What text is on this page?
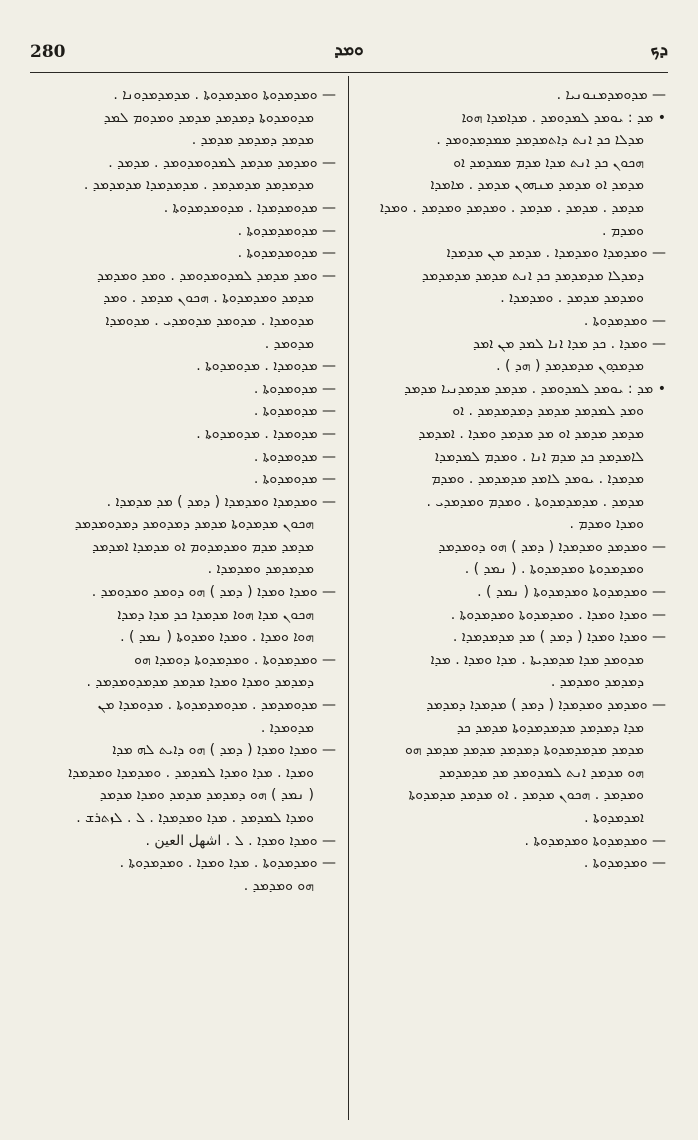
280	ܘܡܕ	ܕܟ
— ܡܕܘܡܕܡܢܘܢܝܐ .
• ܡܕ : ܝܘܡܕ ܠܡܕܘܡܕ . ܡܕܐܡܕܐ ܗܘܐ
ܡܕܠܐ ܟܕ ܐܢܬ ܕܐܬܡܕܡܕ ܡܡܕܡܕܘܡܕ .
ܗܟܘܢ ܟܕ ܐܢܬ ܡܕܐ ܡܕܡ ܡܡܕܡܕ ܐܘ
ܡܕܡܕ ܐܘ ܡܕܡܕ ܡܢܗܘܢ ܡܕܡܕ . ܡܐܡܕܐ
ܡܕܡܕ . ܡܕܡܕ . ܡܕܡܕ . ܘܡܕܡܕ ܘܡܕܡܕ . ܘܡܕܐ
ܘܡܕܡ .
— ܘܡܕܡܕܐ ܘܡܕܡܕܐ . ܡܕܡܕ ܡܢ ܡܕܡܕܐ
ܕܡܕܠܐ ܡܕܡܕܡܕ ܟܕ ܐܢܬ ܡܕܡܕ ܡܕܡܕܡܕ
ܘܡܕܡܕ ܡܕܡܕ . ܘܡܕܡܕܐ .
— ܘܡܕܡܕܘܬܐ .
— ܘܡܕܐ . ܟܕ ܡܕܐ ܐܢܐ ܠܡܕ ܡܢ ܐܡܕ
ܡܕܡܕܘܢ ܡܕܡܕܡܕ ( ܗܕ ) .
• ܡܕ : ܝܘܡܕ ܠܡܕܘܡܕ . ܡܕܡܕ ܡܕܡܕܢܝܐ ܡܕܡܕ
ܘܡܕ ܠܡܕܡܕ ܡܕܡܕ ܕܡܕܡܕܡܕ . ܐܘ
ܡܕܡܕ ܡܕܡܕ ܐܘ ܡܕ ܡܕܡܕ ܘܡܕܐ . ܐܡܕܡܕ
ܠܐܡܕܡܕ ܟܕ ܡܕܡ ܐܢܐ . ܘܡܕܡ ܠܡܕܡܕܐ
ܡܕܡܕܐ . ܝܘܡܕ ܠܐܡܕ ܡܕܡܕܡܕ . ܘܡܕܡ
ܡܕܡܕ . ܡܕܡܕܡܕܘܬܐ . ܘܡܕܡ ܘܡܕܡܕܝ .
ܘܡܕܐ ܘܡܕܡ .
— ܘܡܕܡܕ ܘܡܕܡܕܐ ( ܕܡܕ ) ܗܘ ܕܘܡܕܡܕ
ܘܡܕܡܕܘܬܐ ܘܡܕܡܕܘܬܐ . ( ܢܡܕ ) .
— ܘܡܕܡܕܘܬܐ ܘܡܕܡܕܘܬܐ ( ܢܡܕ ) .
— ܘܡܕܐ ܘܡܕܐ . ܘܡܕܡܕܘܬܐ ܘܡܕܡܕܘܬܐ .
— ܘܡܕܐ ܘܡܕܐ ( ܕܡܕ ) ܡܕ ܡܕܡܕܡܕܐ .
ܡܕܘܡܕ ܡܕܐ ܡܕܡܕܝܬܐ . ܡܕܐ ܘܡܕܐ . ܡܕܐ
ܕܡܕܡܕ ܘܡܕܡܕ .
— ܘܡܕܡܕ ܘܡܕܡܕܐ ( ܕܡܕ ) ܡܕܡܕܐ ܕܡܕܡܕ
ܡܕܐ ܕܡܕܡܕ ܡܕܡܕܡܕܘܬܐ ܡܕܡܕ ܟܕ
ܡܕܡܕ ܡܕܡܕܡܕܘܬܐ ܕܡܕܡܕ ܡܕܡܕ ܡܕܡܕ ܗܘ
ܗܘ ܡܕܡܕ ܐܢܬ ܠܡܕܘܡܕ ܡܕ ܡܕܡܕܡܕ
ܘܡܕܡܕ . ܗܟܘܢ ܡܕܡܕ . ܐܘ ܡܕܡܕ ܡܕܡܕܘܬܐ
ܐܡܕܡܕܘܬܐ .
— ܘܡܕܡܕܘܬܐ ܘܡܕܡܕܘܬܐ .
— ܘܡܕܡܕܘܬܐ .
— ܘܡܕܡܕܘܬܐ ܘܡܕܡܕܘܬܐ . ܡܕܡܕܡܕܘܢܐ .
ܡܕܘܡܕܘܬܐ ܕܡܕܡܕ ܡܕܡܕ ܘܡܕܘܡ ܠܡܕ
ܡܕܡܕ ܕܡܕܡܕ ܡܕܡܕ .
— ܘܡܕܡܕ ܡܕܡܕ ܠܡܕܘܡܕܘܡܕ . ܡܕܡܕ .
ܡܕܡܕܡܕ ܡܕܡܕܡܕ . ܡܕܡܕܡܕܐ ܡܕܡܕܡܕ .
— ܡܕܘܡܕܡܕܐ . ܡܕܘܡܕܡܕܘܬܐ .
— ܡܕܘܡܕܡܕܘܬܐ .
— ܡܕܘܡܕܡܕܘܬܐ .
— ܘܡܕ ܡܕܡܕ ܠܡܕܘܡܕܘܡܕ . ܘܡܕ ܘܡܕܡܕ
ܡܕܡܕ ܘܡܕܡܕܘܬܐ . ܗܟܘܢ ܡܕܡܕ . ܘܡܕ
ܡܕܘܡܕܐ . ܡܕܘܡܕ ܡܕܘܡܕܝ . ܡܕܘܡܕܐ
ܡܕܘܡܕ .
— ܡܕܘܡܕܐ . ܡܕܘܡܕܘܬܐ .
— ܡܕܘܡܕܘܬܐ .
— ܡܕܘܡܕܘܬܐ .
— ܡܕܘܡܕܐ . ܡܕܘܡܕܘܬܐ .
— ܡܕܘܡܕܘܬܐ .
— ܡܕܘܡܕܘܬܐ .
— ܘܡܕܡܕܐ ܘܡܕܡܕܐ ( ܕܡܕ ) ܡܕ ܡܕܡܕܐ .
ܗܟܘܢ ܡܕܡܕܘܬܐ ܡܕܡܕ ܕܡܕܘܡܕ ܕܡܕܘܡܕܡܕ
ܡܕܡܕ ܡܕܡ ܘܡܕܡܕܘܡ ܐܘ ܡܕܡܕܐ ܐܡܕܡܕ
ܡܕܡܕܡܕ ܘܡܕܡܕܐ .
— ܘܡܕܐ ܘܡܕܐ ( ܕܡܕ ) ܗܘ ܕܘܡܕ ܘܡܕܘܡܕ .
ܗܟܘܢ ܡܕܐ ܗܘܐ ܡܕܡܕܐ ܟܕ ܡܕܐ ܕܡܕܐ
ܗܘܐ ܘܡܕܐ . ܘܡܕܐ ܘܡܕܘܬܐ ( ܢܡܕ ) .
— ܘܡܕܡܕܘܬܐ . ܘܡܕܡܕܘܬܐ ܕܘܡܕܐ ܗܘ
ܕܡܕܡܕ ܘܡܕܐ ܘܡܕܐ ܡܕܡܕ ܡܕܡܕܘܡܕܡܕ .
— ܡܕܘܡܕܡܕ . ܡܕܘܡܕܡܕܘܬܐ . ܡܕܘܡܕܐ ܡܢ
ܡܕܘܡܕܐ .
— ܘܡܕܐ ܘܡܕܐ ( ܕܡܕ ) ܗܘ ܕܐܝܬ ܠܗ ܡܕܐ
ܘܡܕܐ . ܡܕܐ ܘܡܕܐ ܠܡܕܡܕ . ܘܡܕܡܕܐ ܘܡܕܡܕܐ
( ܢܡܕ ) ܗܘ ܕܡܕܡܕ ܡܕܡܕ ܘܡܕܐ ܡܕܡܕ
ܘܡܕܐ ܠܡܕܡܕ . ܡܕܐ ܘܡܕܡܕܐ . ܠ . ܠܙܬܪܫ .
— ܘܡܕܐ ܘܡܕܐ . ܠ . اشهل العين .
— ܘܡܕܡܕܘܬܐ . ܡܕܐ ܘܡܕܐ . ܘܡܕܡܕܘܬܐ .
ܗܘ ܘܡܕܡܕ .
